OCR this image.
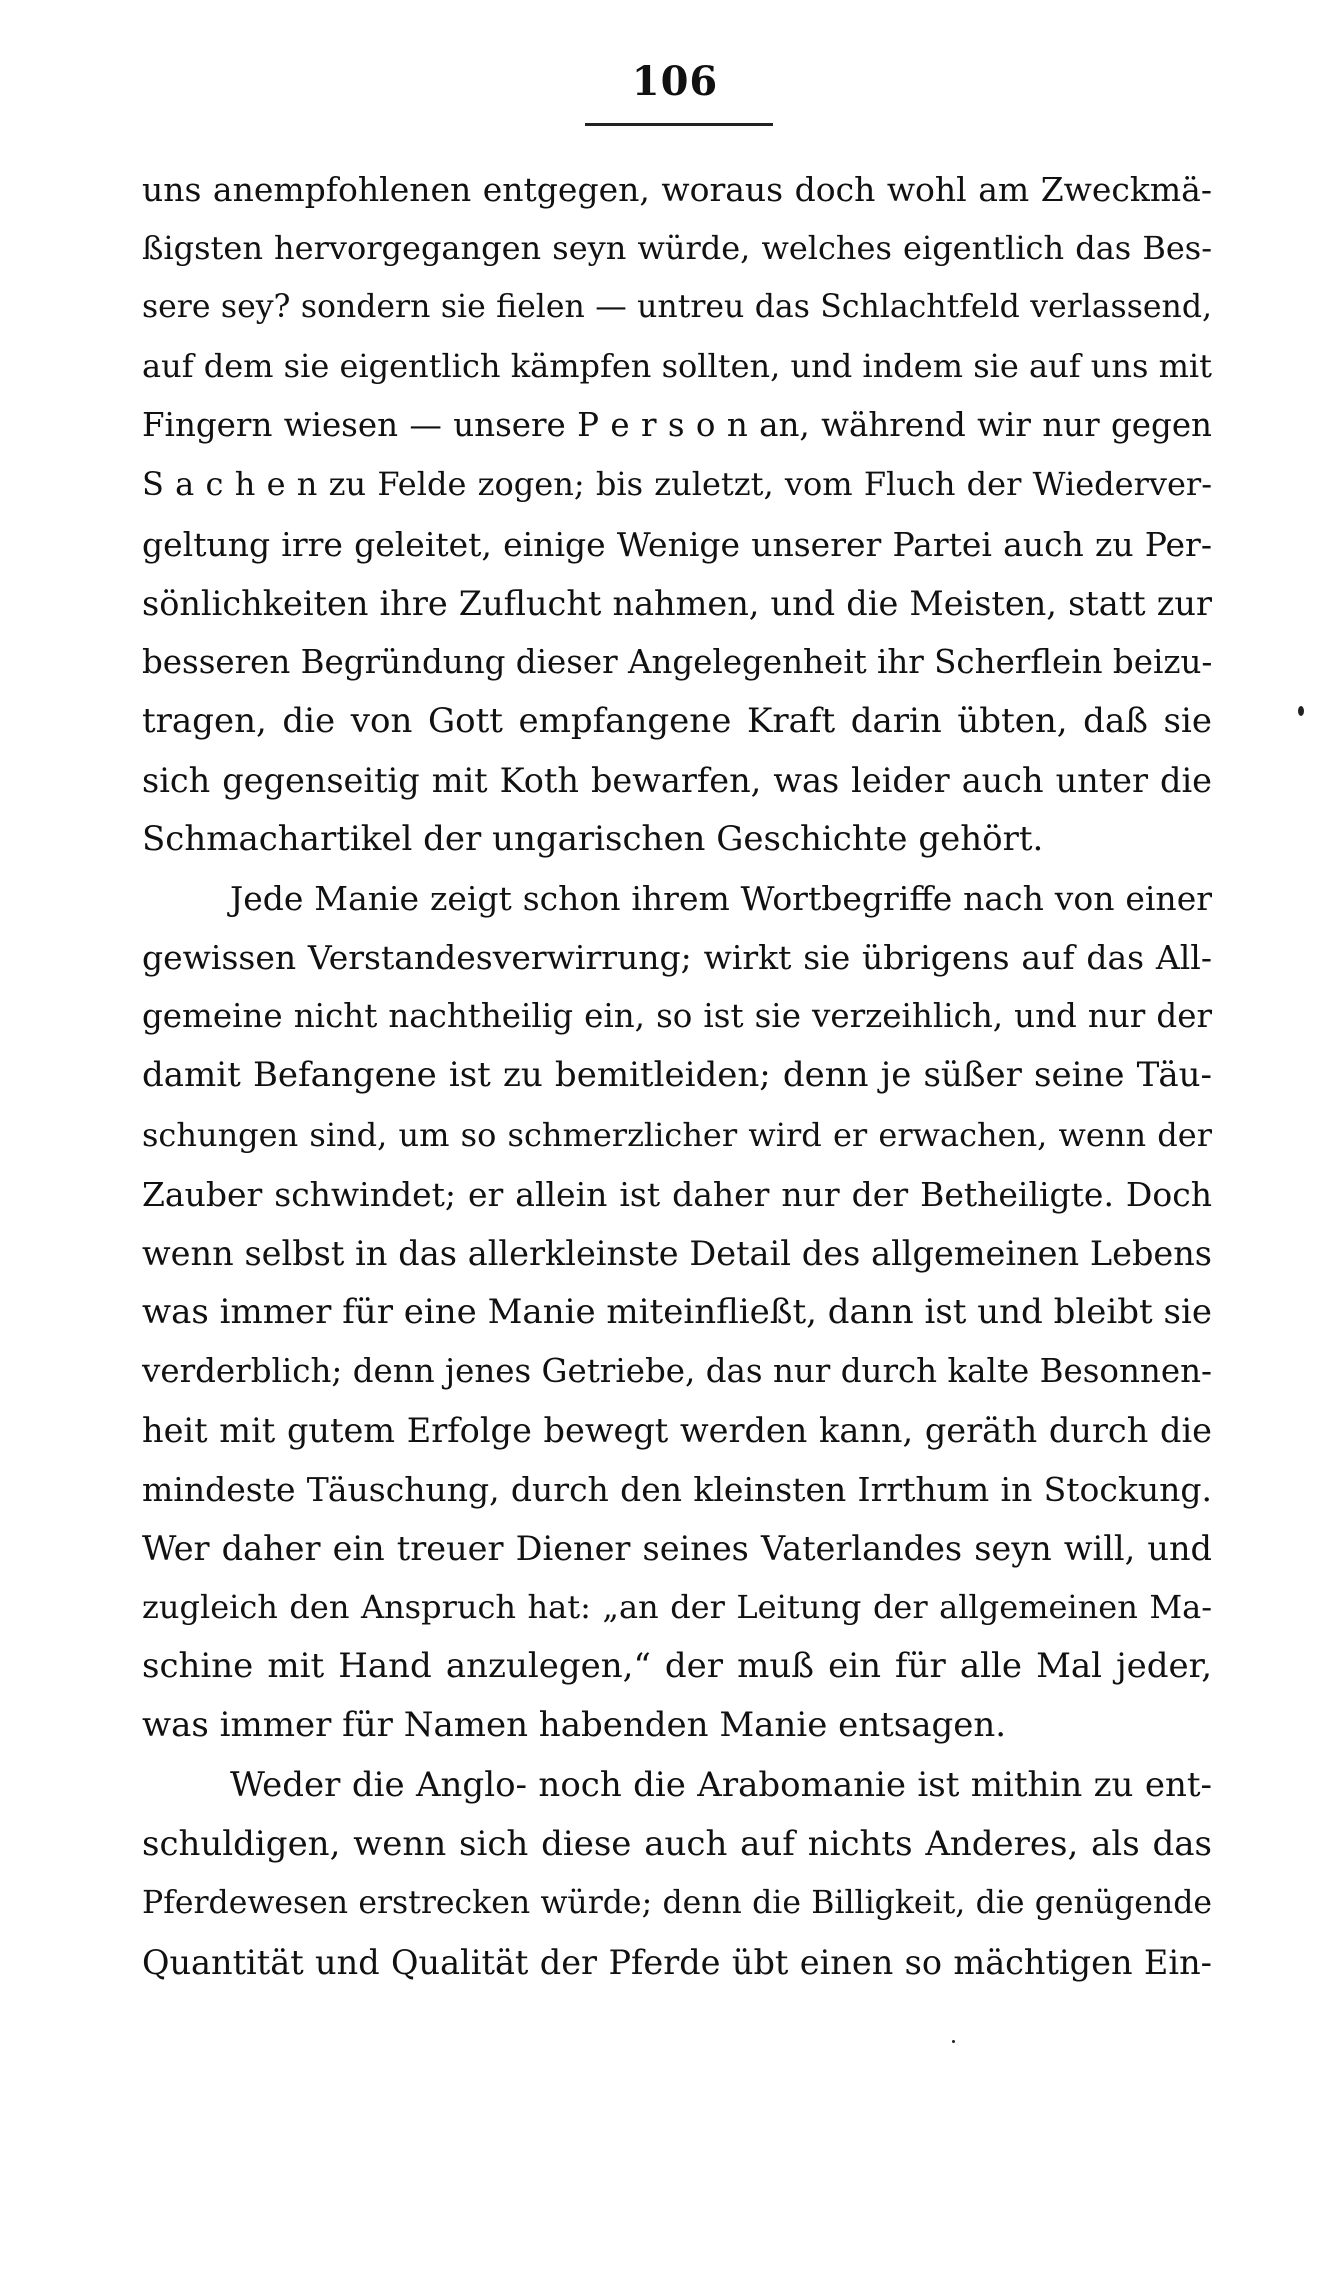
106
uns anempfohlenen entgegen, woraus doch wohl am Zweckmä-
ßigsten hervorgegangen seyn würde, welches eigentlich das Bes-
sere sey? sondern sie fielen — untreu das Schlachtfeld verlassend,
auf dem sie eigentlich kämpfen sollten, und indem sie auf uns mit
Fingern wiesen — unsere P e r s o n an, während wir nur gegen
S a c h e n zu Felde zogen; bis zuletzt, vom Fluch der Wiederver-
geltung irre geleitet, einige Wenige unserer Partei auch zu Per-
sönlichkeiten ihre Zuflucht nahmen, und die Meisten, statt zur
besseren Begründung dieser Angelegenheit ihr Scherflein beizu-
tragen, die von Gott empfangene Kraft darin übten, daß sie
sich gegenseitig mit Koth bewarfen, was leider auch unter die
Schmachartikel der ungarischen Geschichte gehört.
Jede Manie zeigt schon ihrem Wortbegriffe nach von einer
gewissen Verstandesverwirrung; wirkt sie übrigens auf das All-
gemeine nicht nachtheilig ein, so ist sie verzeihlich, und nur der
damit Befangene ist zu bemitleiden; denn je süßer seine Täu-
schungen sind, um so schmerzlicher wird er erwachen, wenn der
Zauber schwindet; er allein ist daher nur der Betheiligte. Doch
wenn selbst in das allerkleinste Detail des allgemeinen Lebens
was immer für eine Manie miteinfließt, dann ist und bleibt sie
verderblich; denn jenes Getriebe, das nur durch kalte Besonnen-
heit mit gutem Erfolge bewegt werden kann, geräth durch die
mindeste Täuschung, durch den kleinsten Irrthum in Stockung.
Wer daher ein treuer Diener seines Vaterlandes seyn will, und
zugleich den Anspruch hat: „an der Leitung der allgemeinen Ma-
schine mit Hand anzulegen,“ der muß ein für alle Mal jeder,
was immer für Namen habenden Manie entsagen.
Weder die Anglo- noch die Arabomanie ist mithin zu ent-
schuldigen, wenn sich diese auch auf nichts Anderes, als das
Pferdewesen erstrecken würde; denn die Billigkeit, die genügende
Quantität und Qualität der Pferde übt einen so mächtigen Ein-
